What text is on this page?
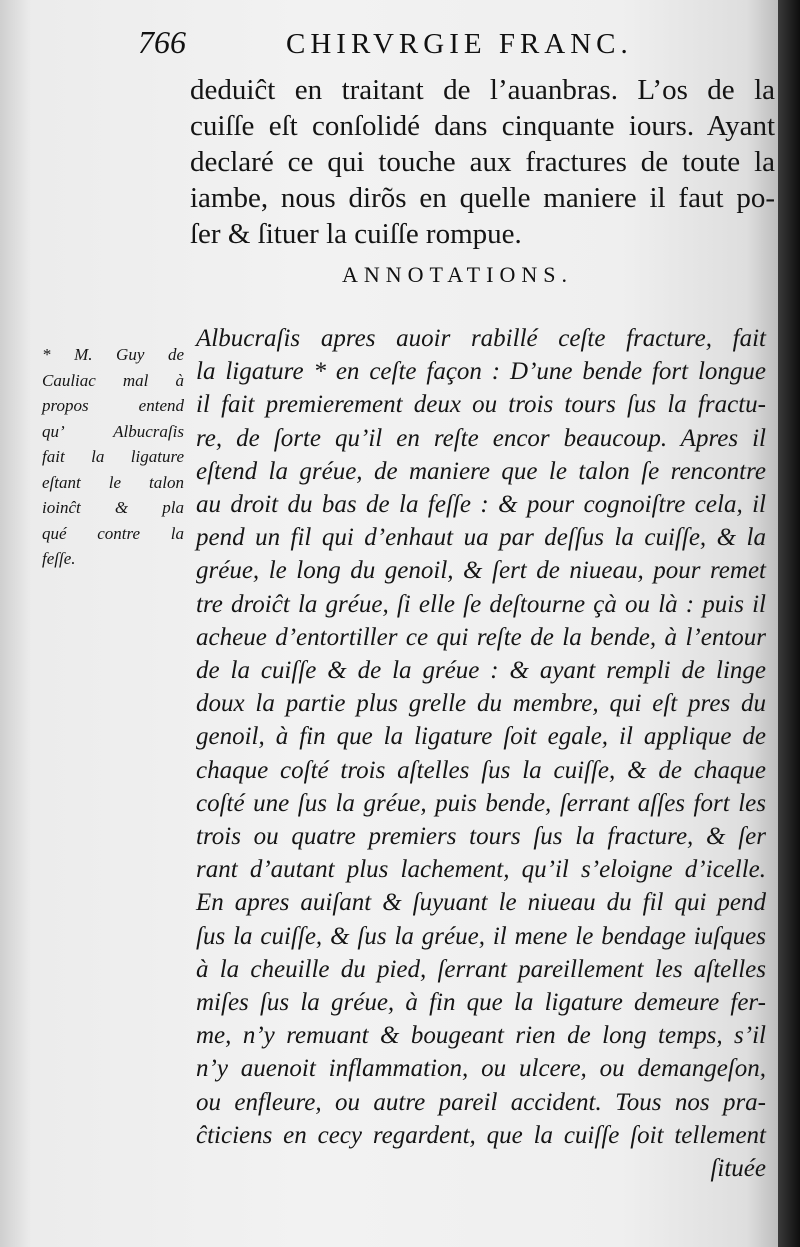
766	CHIRVRGIE FRANC.
deduiĉt en traitant de l’auanbras. L’os de la
cuiſſe eſt conſolidé dans cinquante iours. Ayant
declaré ce qui touche aux fractures de toute la
iambe, nous dirõs en quelle maniere il faut po-
ſer & ſituer la cuiſſe rompue.
ANNOTATIONS.
* M. Guy de
Cauliac mal à
propos entend
qu’ Albucraſis
fait la ligature
eſtant le talon
ioinĉt & pla
qué contre la
feſſe.
Albucraſis apres auoir rabillé ceſte fracture, fait
la ligature * en ceſte façon : D’une bende fort longue
il fait premierement deux ou trois tours ſus la fractu-
re, de ſorte qu’il en reſte encor beaucoup. Apres il
eſtend la gréue, de maniere que le talon ſe rencontre
au droit du bas de la feſſe : & pour cognoiſtre cela, il
pend un fil qui d’enhaut ua par deſſus la cuiſſe, & la
gréue, le long du genoil, & ſert de niueau, pour remet
tre droiĉt la gréue, ſi elle ſe deſtourne çà ou là : puis il
acheue d’entortiller ce qui reſte de la bende, à l’entour
de la cuiſſe & de la gréue : & ayant rempli de linge
doux la partie plus grelle du membre, qui eſt pres du
genoil, à fin que la ligature ſoit egale, il applique de
chaque coſté trois aſtelles ſus la cuiſſe, & de chaque
coſté une ſus la gréue, puis bende, ſerrant aſſes fort les
trois ou quatre premiers tours ſus la fracture, & ſer
rant d’autant plus lachement, qu’il s’eloigne d’icelle.
En apres auiſant & ſuyuant le niueau du fil qui pend
ſus la cuiſſe, & ſus la gréue, il mene le bendage iuſques
à la cheuille du pied, ſerrant pareillement les aſtelles
miſes ſus la gréue, à fin que la ligature demeure fer-
me, n’y remuant & bougeant rien de long temps, s’il
n’y auenoit inflammation, ou ulcere, ou demangeſon,
ou enfleure, ou autre pareil accident. Tous nos pra-
ĉticiens en cecy regardent, que la cuiſſe ſoit tellement
ſituée
